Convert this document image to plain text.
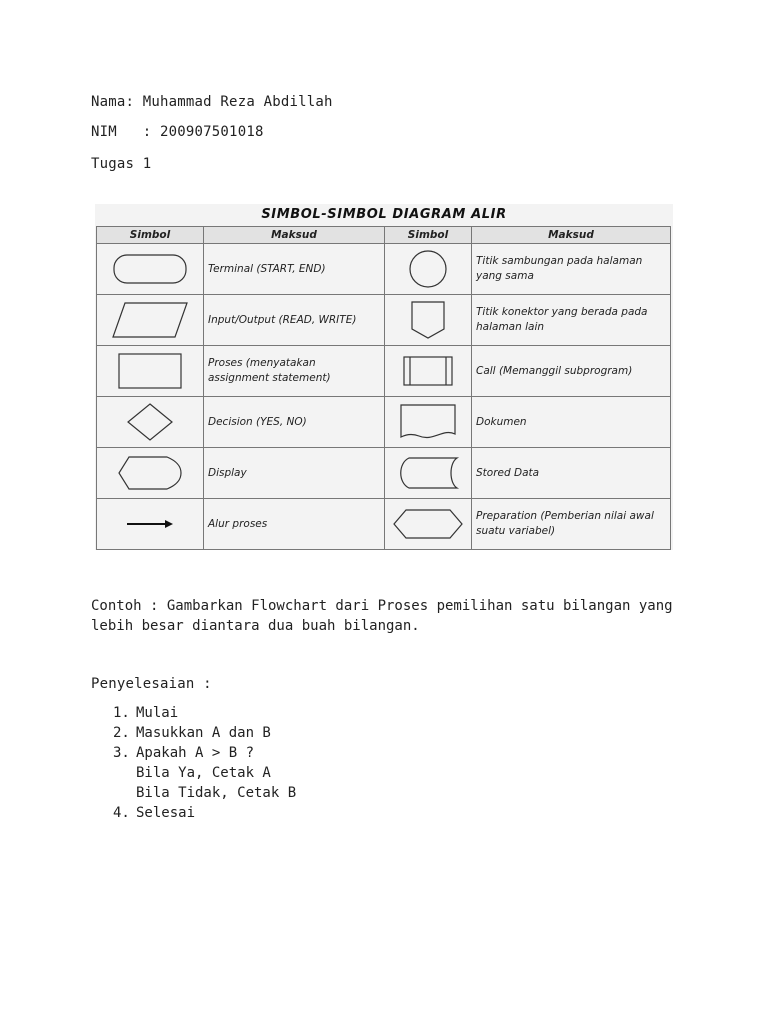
Nama: Muhammad Reza Abdillah
NIM   : 200907501018
Tugas 1
SIMBOL-SIMBOL DIAGRAM ALIR
Simbol	Maksud	Simbol	Maksud
	Terminal (START, END)		Titik sambungan pada halaman yang sama
	Input/Output (READ, WRITE)		Titik konektor yang berada pada halaman lain
	Proses (menyatakan assignment statement)		Call (Memanggil subprogram)
	Decision (YES, NO)		Dokumen
	Display		Stored Data
	Alur proses		Preparation (Pemberian nilai awal suatu variabel)
Contoh : Gambarkan Flowchart dari Proses pemilihan satu bilangan yang lebih besar diantara dua buah bilangan.
Penyelesaian :
1. Mulai
2. Masukkan A dan B
3. Apakah A > B ?
Bila Ya, Cetak A
Bila Tidak, Cetak B
4. Selesai
